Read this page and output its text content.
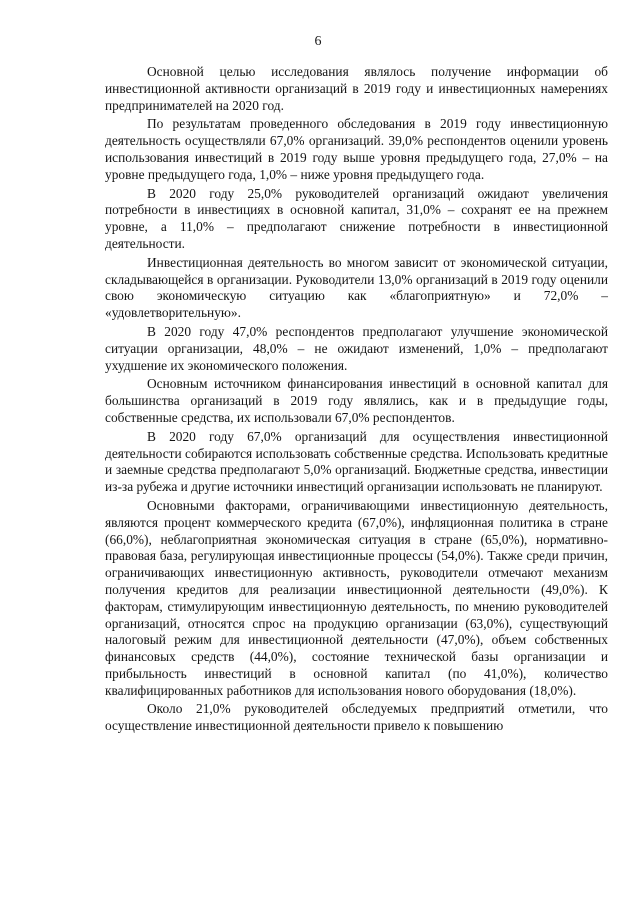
6

Основной целью исследования являлось получение информации об инвестиционной активности организаций в 2019 году и инвестиционных намерениях предпринимателей на 2020 год.

По результатам проведенного обследования в 2019 году инвестиционную деятельность осуществляли 67,0% организаций. 39,0% респондентов оценили уровень использования инвестиций в 2019 году выше уровня предыдущего года, 27,0% – на уровне предыдущего года, 1,0% – ниже уровня предыдущего года.

В 2020 году 25,0% руководителей организаций ожидают увеличения потребности в инвестициях в основной капитал, 31,0% – сохранят ее на прежнем уровне, а 11,0% – предполагают снижение потребности в инвестиционной деятельности.

Инвестиционная деятельность во многом зависит от экономической ситуации, складывающейся в организации. Руководители 13,0% организаций в 2019 году оценили свою экономическую ситуацию как «благоприятную» и 72,0% – «удовлетворительную».

В 2020 году 47,0% респондентов предполагают улучшение экономической ситуации организации, 48,0% – не ожидают изменений, 1,0% – предполагают ухудшение их экономического положения.

Основным источником финансирования инвестиций в основной капитал для большинства организаций в 2019 году являлись, как и в предыдущие годы, собственные средства, их использовали 67,0% респондентов.

В 2020 году 67,0% организаций для осуществления инвестиционной деятельности собираются использовать собственные средства. Использовать кредитные и заемные средства предполагают 5,0% организаций. Бюджетные средства, инвестиции из-за рубежа и другие источники инвестиций организации использовать не планируют.

Основными факторами, ограничивающими инвестиционную деятельность, являются процент коммерческого кредита (67,0%), инфляционная политика в стране (66,0%), неблагоприятная экономическая ситуация в стране (65,0%), нормативно-правовая база, регулирующая инвестиционные процессы (54,0%). Также среди причин, ограничивающих инвестиционную активность, руководители отмечают механизм получения кредитов для реализации инвестиционной деятельности (49,0%). К факторам, стимулирующим инвестиционную деятельность, по мнению руководителей организаций, относятся спрос на продукцию организации (63,0%), существующий налоговый режим для инвестиционной деятельности (47,0%), объем собственных финансовых средств (44,0%), состояние технической базы организации и прибыльность инвестиций в основной капитал (по 41,0%), количество квалифицированных работников для использования нового оборудования (18,0%).

Около 21,0% руководителей обследуемых предприятий отметили, что осуществление инвестиционной деятельности привело к повышению
